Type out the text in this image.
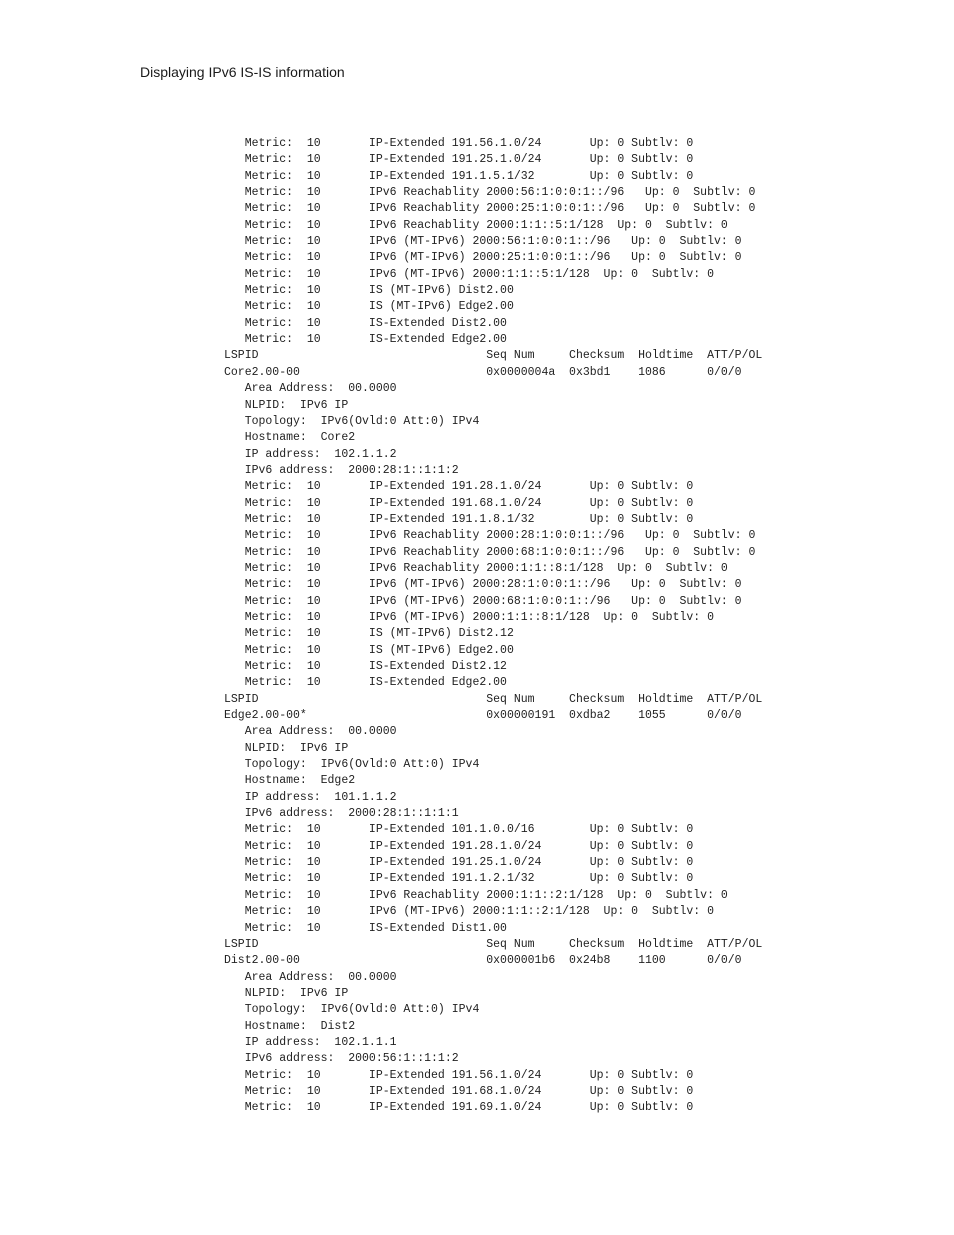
Displaying IPv6 IS-IS information
Metric:  10       IP-Extended 191.56.1.0/24       Up: 0 Subtlv: 0
Metric:  10       IP-Extended 191.25.1.0/24       Up: 0 Subtlv: 0
Metric:  10       IP-Extended 191.1.5.1/32        Up: 0 Subtlv: 0
Metric:  10       IPv6 Reachablity 2000:56:1:0:0:1::/96   Up: 0  Subtlv: 0
Metric:  10       IPv6 Reachablity 2000:25:1:0:0:1::/96   Up: 0  Subtlv: 0
Metric:  10       IPv6 Reachablity 2000:1:1::5:1/128  Up: 0  Subtlv: 0
Metric:  10       IPv6 (MT-IPv6) 2000:56:1:0:0:1::/96   Up: 0  Subtlv: 0
Metric:  10       IPv6 (MT-IPv6) 2000:25:1:0:0:1::/96   Up: 0  Subtlv: 0
Metric:  10       IPv6 (MT-IPv6) 2000:1:1::5:1/128  Up: 0  Subtlv: 0
Metric:  10       IS (MT-IPv6) Dist2.00
Metric:  10       IS (MT-IPv6) Edge2.00
Metric:  10       IS-Extended Dist2.00
Metric:  10       IS-Extended Edge2.00
LSPID                                 Seq Num     Checksum  Holdtime  ATT/P/OL
Core2.00-00                           0x0000004a  0x3bd1    1086      0/0/0
Area Address:  00.0000
NLPID:  IPv6 IP
Topology:  IPv6(Ovld:0 Att:0) IPv4
Hostname:  Core2
IP address:  102.1.1.2
IPv6 address:  2000:28:1::1:1:2
Metric:  10       IP-Extended 191.28.1.0/24       Up: 0 Subtlv: 0
Metric:  10       IP-Extended 191.68.1.0/24       Up: 0 Subtlv: 0
Metric:  10       IP-Extended 191.1.8.1/32        Up: 0 Subtlv: 0
Metric:  10       IPv6 Reachablity 2000:28:1:0:0:1::/96   Up: 0  Subtlv: 0
Metric:  10       IPv6 Reachablity 2000:68:1:0:0:1::/96   Up: 0  Subtlv: 0
Metric:  10       IPv6 Reachablity 2000:1:1::8:1/128  Up: 0  Subtlv: 0
Metric:  10       IPv6 (MT-IPv6) 2000:28:1:0:0:1::/96   Up: 0  Subtlv: 0
Metric:  10       IPv6 (MT-IPv6) 2000:68:1:0:0:1::/96   Up: 0  Subtlv: 0
Metric:  10       IPv6 (MT-IPv6) 2000:1:1::8:1/128  Up: 0  Subtlv: 0
Metric:  10       IS (MT-IPv6) Dist2.12
Metric:  10       IS (MT-IPv6) Edge2.00
Metric:  10       IS-Extended Dist2.12
Metric:  10       IS-Extended Edge2.00
LSPID                                 Seq Num     Checksum  Holdtime  ATT/P/OL
Edge2.00-00*                          0x00000191  0xdba2    1055      0/0/0
Area Address:  00.0000
NLPID:  IPv6 IP
Topology:  IPv6(Ovld:0 Att:0) IPv4
Hostname:  Edge2
IP address:  101.1.1.2
IPv6 address:  2000:28:1::1:1:1
Metric:  10       IP-Extended 101.1.0.0/16        Up: 0 Subtlv: 0
Metric:  10       IP-Extended 191.28.1.0/24       Up: 0 Subtlv: 0
Metric:  10       IP-Extended 191.25.1.0/24       Up: 0 Subtlv: 0
Metric:  10       IP-Extended 191.1.2.1/32        Up: 0 Subtlv: 0
Metric:  10       IPv6 Reachablity 2000:1:1::2:1/128  Up: 0  Subtlv: 0
Metric:  10       IPv6 (MT-IPv6) 2000:1:1::2:1/128  Up: 0  Subtlv: 0
Metric:  10       IS-Extended Dist1.00
LSPID                                 Seq Num     Checksum  Holdtime  ATT/P/OL
Dist2.00-00                           0x000001b6  0x24b8    1100      0/0/0
Area Address:  00.0000
NLPID:  IPv6 IP
Topology:  IPv6(Ovld:0 Att:0) IPv4
Hostname:  Dist2
IP address:  102.1.1.1
IPv6 address:  2000:56:1::1:1:2
Metric:  10       IP-Extended 191.56.1.0/24       Up: 0 Subtlv: 0
Metric:  10       IP-Extended 191.68.1.0/24       Up: 0 Subtlv: 0
Metric:  10       IP-Extended 191.69.1.0/24       Up: 0 Subtlv: 0
